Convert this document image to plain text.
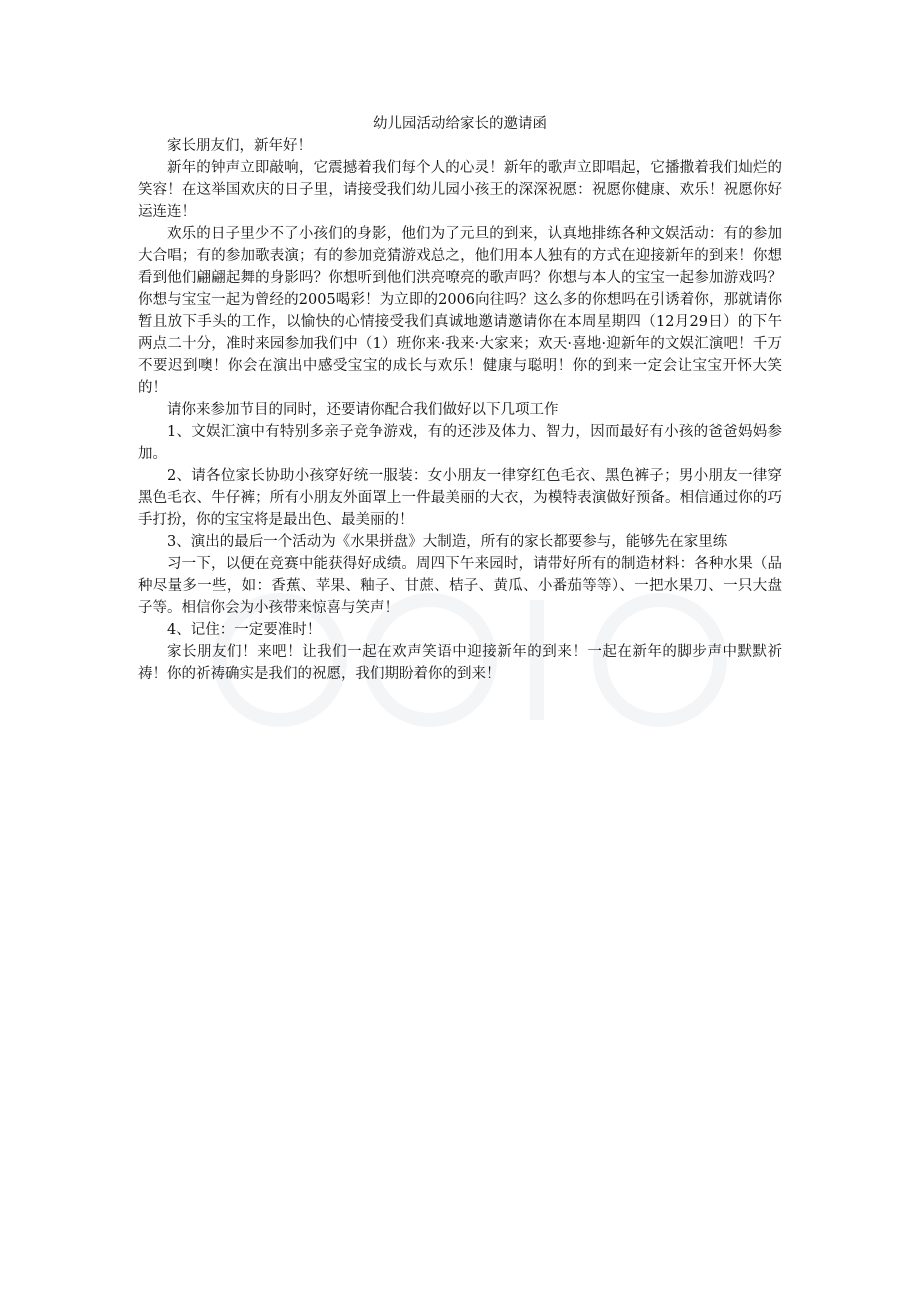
幼儿园活动给家长的邀请函

家长朋友们，新年好！

新年的钟声立即敲响，它震撼着我们每个人的心灵！新年的歌声立即唱起，它播撒着我们灿烂的笑容！在这举国欢庆的日子里，请接受我们幼儿园小孩王的深深祝愿：祝愿你健康、欢乐！祝愿你好运连连！

欢乐的日子里少不了小孩们的身影，他们为了元旦的到来，认真地排练各种文娱活动：有的参加大合唱；有的参加歌表演；有的参加竞猜游戏总之，他们用本人独有的方式在迎接新年的到来！你想看到他们翩翩起舞的身影吗？你想听到他们洪亮嘹亮的歌声吗？你想与本人的宝宝一起参加游戏吗？你想与宝宝一起为曾经的2005喝彩！为立即的2006向往吗？这么多的你想吗在引诱着你，那就请你暂且放下手头的工作，以愉快的心情接受我们真诚地邀请邀请你在本周星期四（12月29日）的下午两点二十分，准时来园参加我们中（1）班你来·我来·大家来；欢天·喜地·迎新年的文娱汇演吧！千万不要迟到噢！你会在演出中感受宝宝的成长与欢乐！健康与聪明！你的到来一定会让宝宝开怀大笑的！

请你来参加节目的同时，还要请你配合我们做好以下几项工作

1、文娱汇演中有特别多亲子竞争游戏，有的还涉及体力、智力，因而最好有小孩的爸爸妈妈参加。

2、请各位家长协助小孩穿好统一服装：女小朋友一律穿红色毛衣、黑色裤子；男小朋友一律穿黑色毛衣、牛仔裤；所有小朋友外面罩上一件最美丽的大衣，为模特表演做好预备。相信通过你的巧手打扮，你的宝宝将是最出色、最美丽的！

3、演出的最后一个活动为《水果拼盘》大制造，所有的家长都要参与，能够先在家里练

习一下，以便在竞赛中能获得好成绩。周四下午来园时，请带好所有的制造材料：各种水果（品种尽量多一些，如：香蕉、苹果、釉子、甘蔗、桔子、黄瓜、小番茄等等）、一把水果刀、一只大盘子等。相信你会为小孩带来惊喜与笑声！

4、记住：一定要准时！

家长朋友们！来吧！让我们一起在欢声笑语中迎接新年的到来！一起在新年的脚步声中默默祈祷！你的祈祷确实是我们的祝愿，我们期盼着你的到来！
